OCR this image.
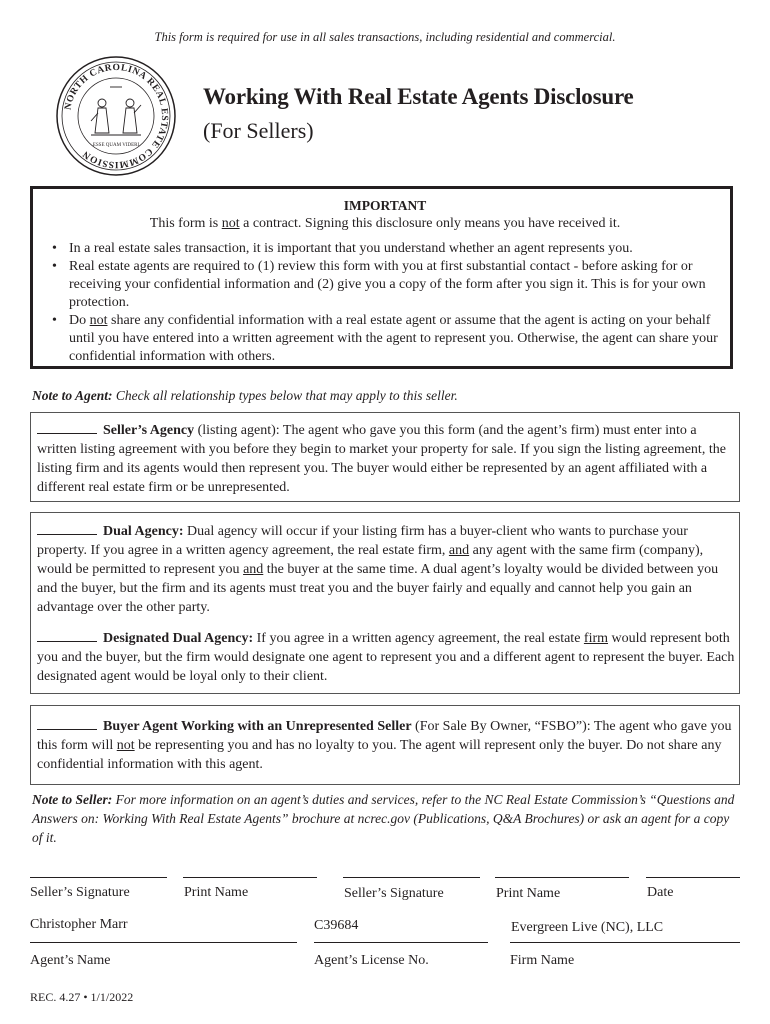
This form is required for use in all sales transactions, including residential and commercial.
NORTH CAROLINA REAL ESTATE COMMISSION
ESSE QUAM VIDERI
Working With Real Estate Agents Disclosure
(For Sellers)
IMPORTANT
This form is not a contract. Signing this disclosure only means you have received it.
• In a real estate sales transaction, it is important that you understand whether an agent represents you.
• Real estate agents are required to (1) review this form with you at first substantial contact - before asking for or receiving your confidential information and (2) give you a copy of the form after you sign it. This is for your own protection.
• Do not share any confidential information with a real estate agent or assume that the agent is acting on your behalf until you have entered into a written agreement with the agent to represent you. Otherwise, the agent can share your confidential information with others.
Note to Agent: Check all relationship types below that may apply to this seller.
Seller’s Agency (listing agent): The agent who gave you this form (and the agent’s firm) must enter into a written listing agreement with you before they begin to market your property for sale. If you sign the listing agreement, the listing firm and its agents would then represent you. The buyer would either be represented by an agent affiliated with a different real estate firm or be unrepresented.
Dual Agency: Dual agency will occur if your listing firm has a buyer-client who wants to purchase your property. If you agree in a written agency agreement, the real estate firm, and any agent with the same firm (company), would be permitted to represent you and the buyer at the same time. A dual agent’s loyalty would be divided between you and the buyer, but the firm and its agents must treat you and the buyer fairly and equally and cannot help you gain an advantage over the other party.
Designated Dual Agency: If you agree in a written agency agreement, the real estate firm would represent both you and the buyer, but the firm would designate one agent to represent you and a different agent to represent the buyer. Each designated agent would be loyal only to their client.
Buyer Agent Working with an Unrepresented Seller (For Sale By Owner, “FSBO”): The agent who gave you this form will not be representing you and has no loyalty to you. The agent will represent only the buyer. Do not share any confidential information with this agent.
Note to Seller: For more information on an agent’s duties and services, refer to the NC Real Estate Commission’s “Questions and Answers on: Working With Real Estate Agents” brochure at ncrec.gov (Publications, Q&A Brochures) or ask an agent for a copy of it.
Seller’s Signature	Print Name	Seller’s Signature	Print Name	Date
Christopher Marr	C39684	Evergreen Live (NC), LLC
Agent’s Name	Agent’s License No.	Firm Name
REC. 4.27 • 1/1/2022
